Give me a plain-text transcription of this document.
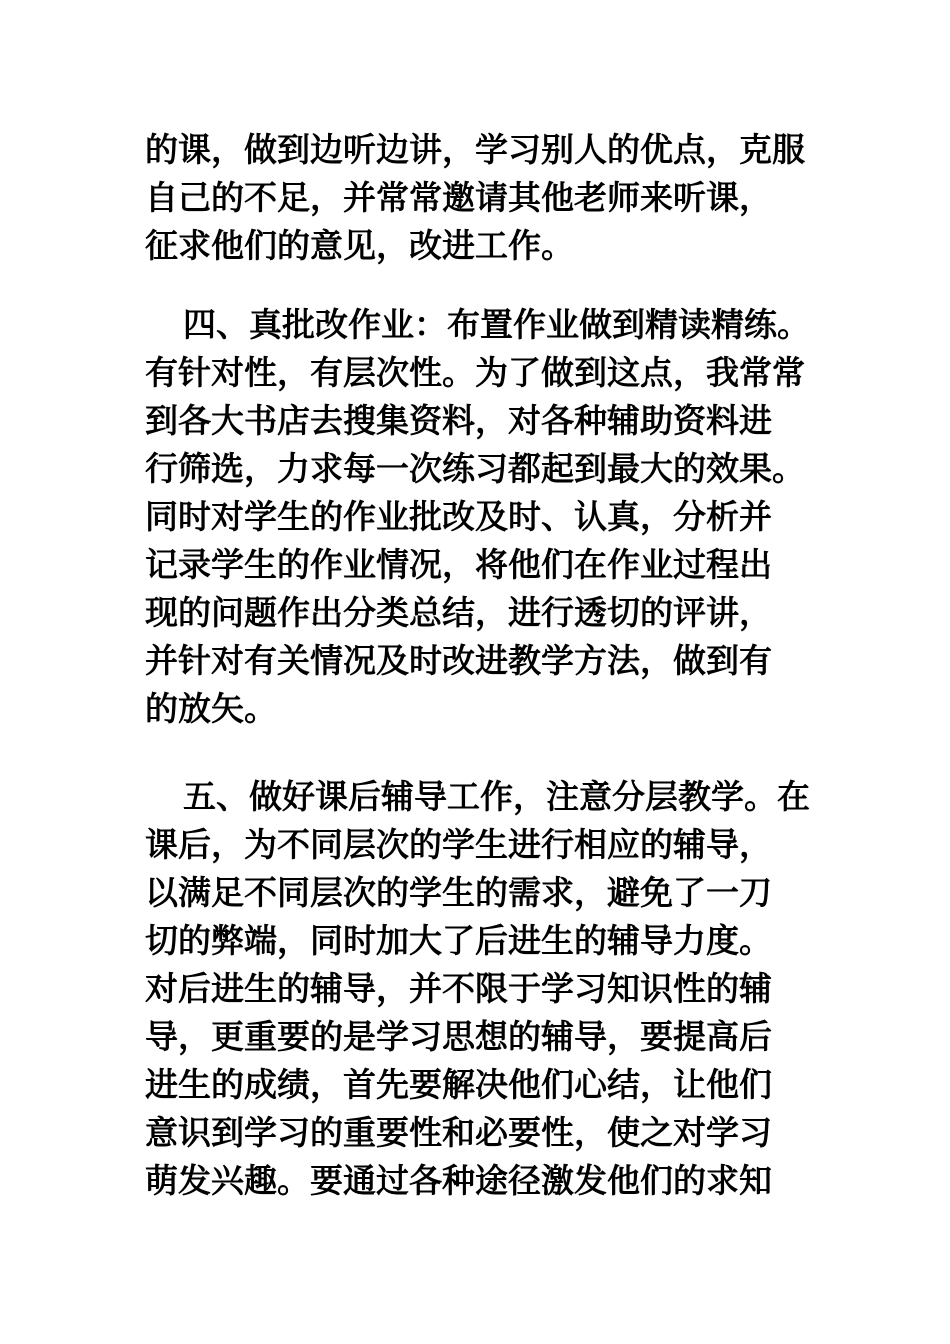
的课，做到边听边讲，学习别人的优点，克服
自己的不足，并常常邀请其他老师来听课，
征求他们的意见，改进工作。
四、真批改作业：布置作业做到精读精练。
有针对性，有层次性。为了做到这点，我常常
到各大书店去搜集资料，对各种辅助资料进
行筛选，力求每一次练习都起到最大的效果。
同时对学生的作业批改及时、认真，分析并
记录学生的作业情况，将他们在作业过程出
现的问题作出分类总结，进行透切的评讲，
并针对有关情况及时改进教学方法，做到有
的放矢。
五、做好课后辅导工作，注意分层教学。在
课后，为不同层次的学生进行相应的辅导，
以满足不同层次的学生的需求，避免了一刀
切的弊端，同时加大了后进生的辅导力度。
对后进生的辅导，并不限于学习知识性的辅
导，更重要的是学习思想的辅导，要提高后
进生的成绩，首先要解决他们心结，让他们
意识到学习的重要性和必要性，使之对学习
萌发兴趣。要通过各种途径激发他们的求知
